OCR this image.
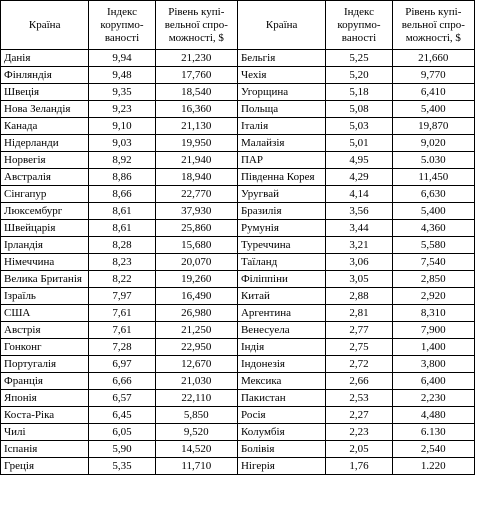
Країна	Індекс корупмо-ваності	Рівень купі-вельної спро-можності, $	Країна	Індекс корупмо-ваності	Рівень купі-вельної спро-можності, $
Данія	9,94	21,230	Бельгія	5,25	21,660
Фінляндія	9,48	17,760	Чехія	5,20	9,770
Швеція	9,35	18,540	Угорщина	5,18	6,410
Нова Зеландія	9,23	16,360	Польща	5,08	5,400
Канада	9,10	21,130	Італія	5,03	19,870
Нідерланди	9,03	19,950	Малайзія	5,01	9,020
Норвегія	8,92	21,940	ПАР	4,95	5.030
Австралія	8,86	18,940	Південна Корея	4,29	11,450
Сінгапур	8,66	22,770	Уругвай	4,14	6,630
Люксембург	8,61	37,930	Бразилія	3,56	5,400
Швейцарія	8,61	25,860	Румунія	3,44	4,360
Ірландія	8,28	15,680	Туреччина	3,21	5,580
Німеччина	8,23	20,070	Таїланд	3,06	7,540
Велика Британія	8,22	19,260	Філіппіни	3,05	2,850
Ізраїль	7,97	16,490	Китай	2,88	2,920
США	7,61	26,980	Аргентина	2,81	8,310
Австрія	7,61	21,250	Венесуела	2,77	7,900
Гонконг	7,28	22,950	Індія	2,75	1,400
Португалія	6,97	12,670	Індонезія	2,72	3,800
Франція	6,66	21,030	Мексика	2,66	6,400
Японія	6,57	22,110	Пакистан	2,53	2,230
Коста-Ріка	6,45	5,850	Росія	2,27	4,480
Чилі	6,05	9,520	Колумбія	2,23	6.130
Іспанія	5,90	14,520	Болівія	2,05	2,540
Греція	5,35	11,710	Нігерія	1,76	1.220
